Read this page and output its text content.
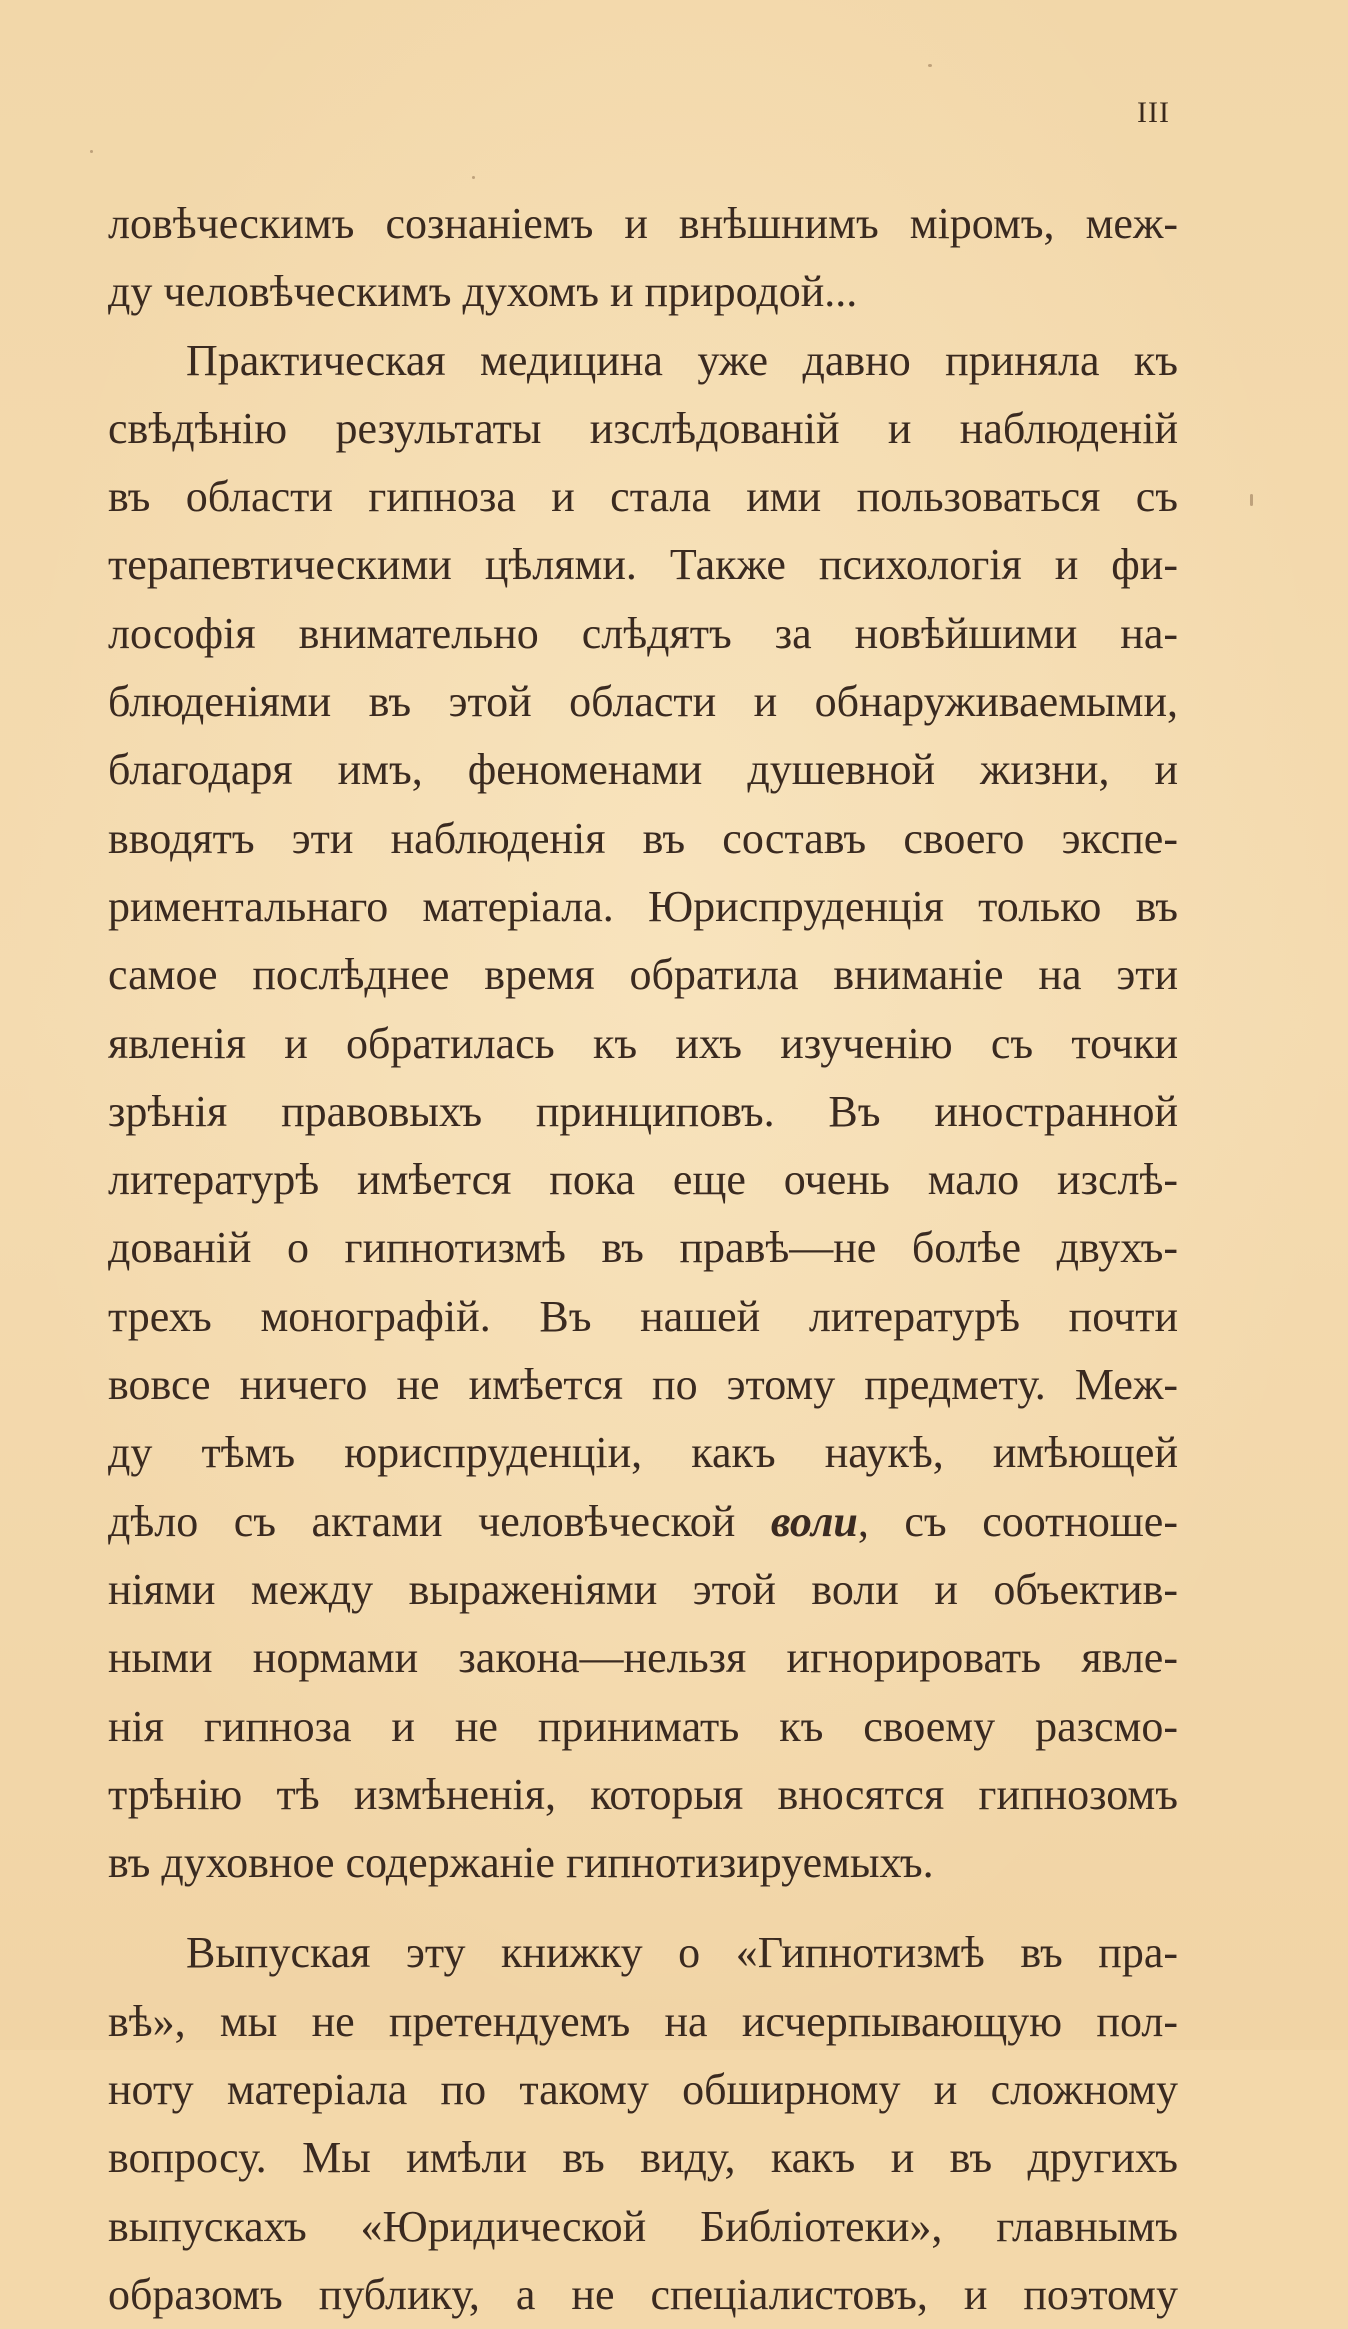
III
ловѣческимъ сознаніемъ и внѣшнимъ міромъ, меж-
ду человѣческимъ духомъ и природой...
Практическая медицина уже давно приняла къ
свѣдѣнію результаты изслѣдованій и наблюденій
въ области гипноза и стала ими пользоваться съ
терапевтическими цѣлями. Также психологія и фи-
лософія внимательно слѣдятъ за новѣйшими на-
блюденіями въ этой области и обнаруживаемыми,
благодаря имъ, феноменами душевной жизни, и
вводятъ эти наблюденія въ составъ своего экспе-
риментальнаго матеріала. Юриспруденція только въ
самое послѣднее время обратила вниманіе на эти
явленія и обратилась къ ихъ изученію съ точки
зрѣнія правовыхъ принциповъ. Въ иностранной
литературѣ имѣется пока еще очень мало изслѣ-
дованій о гипнотизмѣ въ правѣ—не болѣе двухъ-
трехъ монографій. Въ нашей литературѣ почти
вовсе ничего не имѣется по этому предмету. Меж-
ду тѣмъ юриспруденціи, какъ наукѣ, имѣющей
дѣло съ актами человѣческой воли, съ соотноше-
ніями между выраженіями этой воли и объектив-
ными нормами закона—нельзя игнорировать явле-
нія гипноза и не принимать къ своему разсмо-
трѣнію тѣ измѣненія, которыя вносятся гипнозомъ
въ духовное содержаніе гипнотизируемыхъ.
Выпуская эту книжку о «Гипнотизмѣ въ пра-
вѣ», мы не претендуемъ на исчерпывающую пол-
ноту матеріала по такому обширному и сложному
вопросу. Мы имѣли въ виду, какъ и въ другихъ
выпускахъ «Юридической Библіотеки», главнымъ
образомъ публику, а не спеціалистовъ, и поэтому
